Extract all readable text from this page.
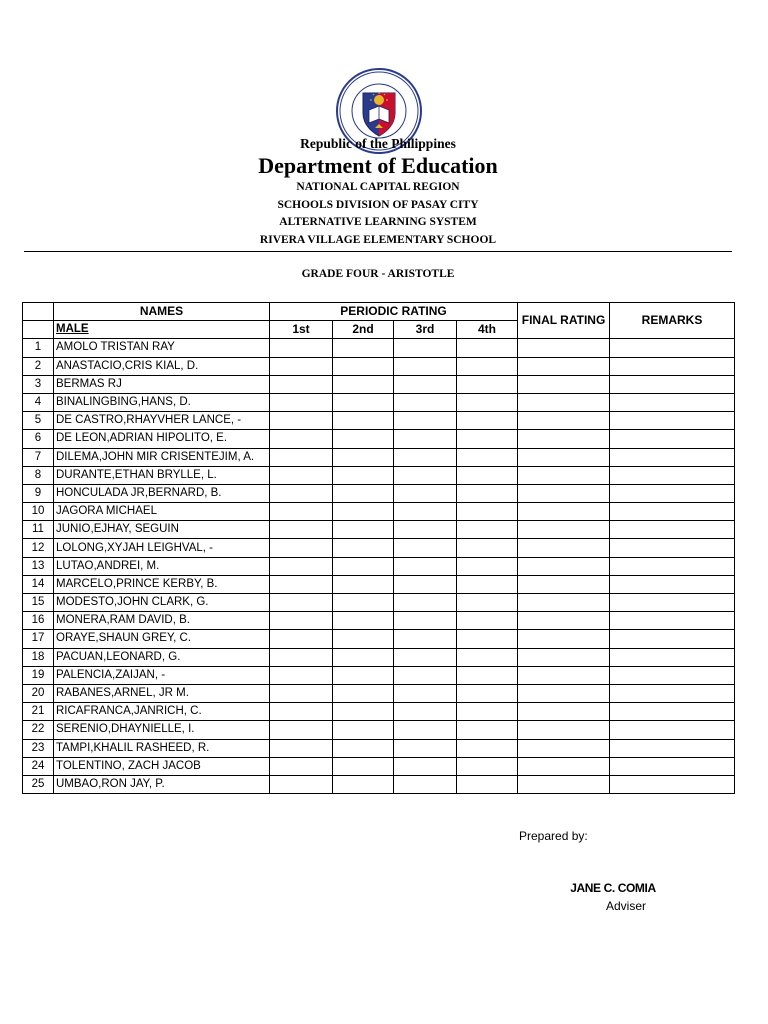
Republic of the Philippines
Department of Education
NATIONAL CAPITAL REGION
SCHOOLS DIVISION OF PASAY CITY
ALTERNATIVE LEARNING SYSTEM
RIVERA VILLAGE ELEMENTARY SCHOOL
GRADE FOUR - ARISTOTLE
	NAMES	PERIODIC RATING				FINAL RATING	REMARKS
	MALE	1st	2nd	3rd	4th		
1	AMOLO TRISTAN RAY						
2	ANASTACIO,CRIS KIAL, D.						
3	BERMAS RJ						
4	BINALINGBING,HANS, D.						
5	DE CASTRO,RHAYVHER LANCE, -						
6	DE LEON,ADRIAN HIPOLITO, E.						
7	DILEMA,JOHN MIR CRISENTEJIM, A.						
8	DURANTE,ETHAN BRYLLE, L.						
9	HONCULADA JR,BERNARD, B.						
10	JAGORA MICHAEL						
11	JUNIO,EJHAY, SEGUIN						
12	LOLONG,XYJAH LEIGHVAL, -						
13	LUTAO,ANDREI, M.						
14	MARCELO,PRINCE KERBY, B.						
15	MODESTO,JOHN CLARK, G.						
16	MONERA,RAM DAVID, B.						
17	ORAYE,SHAUN GREY, C.						
18	PACUAN,LEONARD, G.						
19	PALENCIA,ZAIJAN, -						
20	RABANES,ARNEL, JR M.						
21	RICAFRANCA,JANRICH, C.						
22	SERENIO,DHAYNIELLE, I.						
23	TAMPI,KHALIL RASHEED, R.						
24	TOLENTINO, ZACH JACOB						
25	UMBAO,RON JAY, P.						
Prepared by:
JANE C. COMIA
Adviser
